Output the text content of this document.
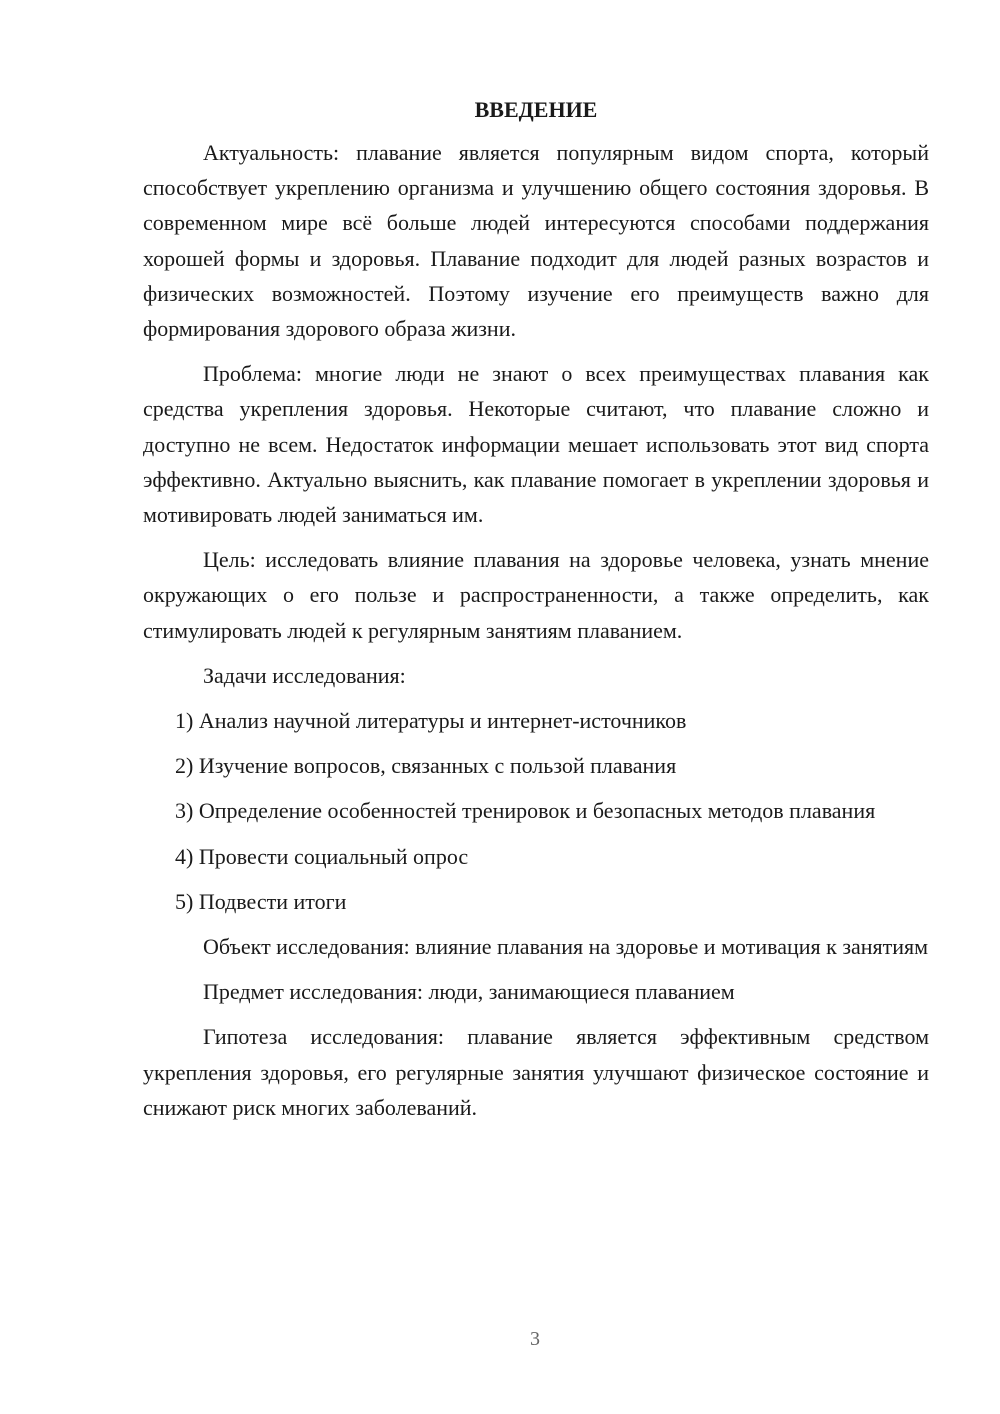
ВВЕДЕНИЕ

Актуальность: плавание является популярным видом спорта, который способствует укреплению организма и улучшению общего состояния здоровья. В современном мире всё больше людей интересуются способами поддержания хорошей формы и здоровья. Плавание подходит для людей разных возрастов и физических возможностей. Поэтому изучение его преимуществ важно для формирования здорового образа жизни.

Проблема: многие люди не знают о всех преимуществах плавания как средства укрепления здоровья. Некоторые считают, что плавание сложно и доступно не всем. Недостаток информации мешает использовать этот вид спорта эффективно. Актуально выяснить, как плавание помогает в укреплении здоровья и мотивировать людей заниматься им.

Цель: исследовать влияние плавания на здоровье человека, узнать мнение окружающих о его пользе и распространенности, а также определить, как стимулировать людей к регулярным занятиям плаванием.

Задачи исследования:

1) Анализ научной литературы и интернет-источников

2) Изучение вопросов, связанных с пользой плавания

3) Определение особенностей тренировок и безопасных методов плавания

4) Провести социальный опрос

5) Подвести итоги

Объект исследования: влияние плавания на здоровье и мотивация к занятиям

Предмет исследования: люди, занимающиеся плаванием

Гипотеза исследования: плавание является эффективным средством укрепления здоровья, его регулярные занятия улучшают физическое состояние и снижают риск многих заболеваний.

3
